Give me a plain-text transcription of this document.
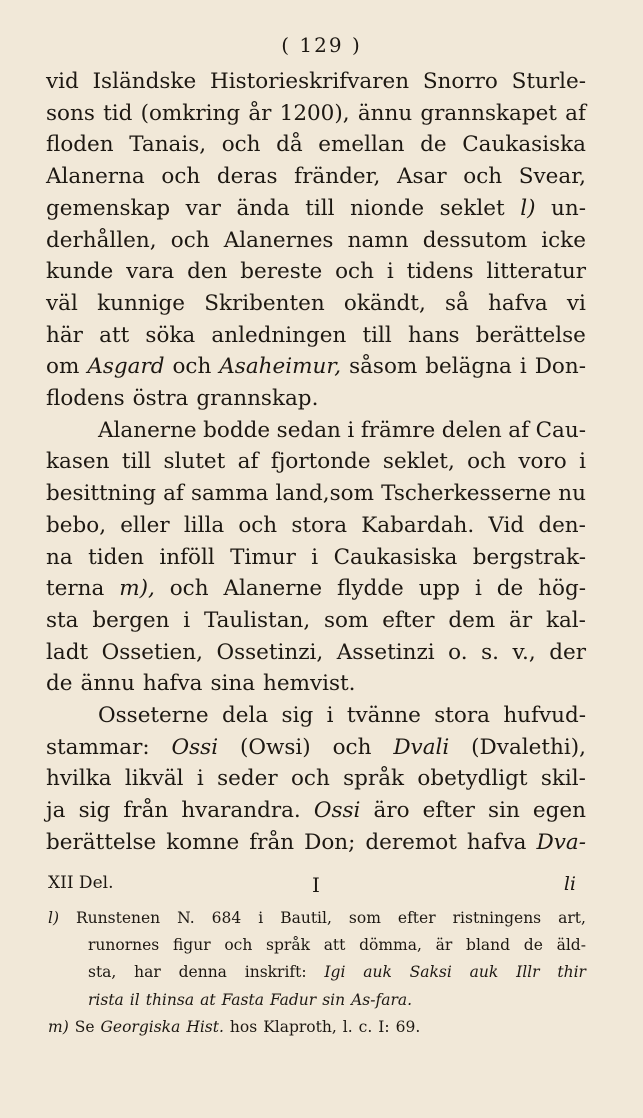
( 129 )
vid Isländske Historieskrifvaren Snorro Sturle-
sons tid (omkring år 1200), ännu grannskapet af
floden Tanais, och då emellan de Caukasiska
Alanerna och deras fränder, Asar och Svear,
gemenskap var ända till nionde seklet l) un-
derhållen, och Alanernes namn dessutom icke
kunde vara den bereste och i tidens litteratur
väl kunnige Skribenten okändt, så hafva vi
här att söka anledningen till hans berättelse
om Asgard och Asaheimur, såsom belägna i Don-
flodens östra grannskap.
Alanerne bodde sedan i främre delen af Cau-
kasen till slutet af fjortonde seklet, och voro i
besittning af samma land,som Tscherkesserne nu
bebo, eller lilla och stora Kabardah. Vid den-
na tiden inföll Timur i Caukasiska bergstrak-
terna m), och Alanerne flydde upp i de hög-
sta bergen i Taulistan, som efter dem är kal-
ladt Ossetien, Ossetinzi, Assetinzi o. s. v., der
de ännu hafva sina hemvist.
Osseterne dela sig i tvänne stora hufvud-
stammar: Ossi (Owsi) och Dvali (Dvalethi),
hvilka likväl i seder och språk obetydligt skil-
ja sig från hvarandra. Ossi äro efter sin egen
berättelse komne från Don; deremot hafva Dva-
XII Del.	I	li
l) Runstenen N. 684 i Bautil, som efter ristningens art,
runornes figur och språk att dömma, är bland de äld-
sta, har denna inskrift: Igi auk Saksi auk Illr thir
rista il thinsa at Fasta Fadur sin As-fara.
m) Se Georgiska Hist. hos Klaproth, l. c. I: 69.
